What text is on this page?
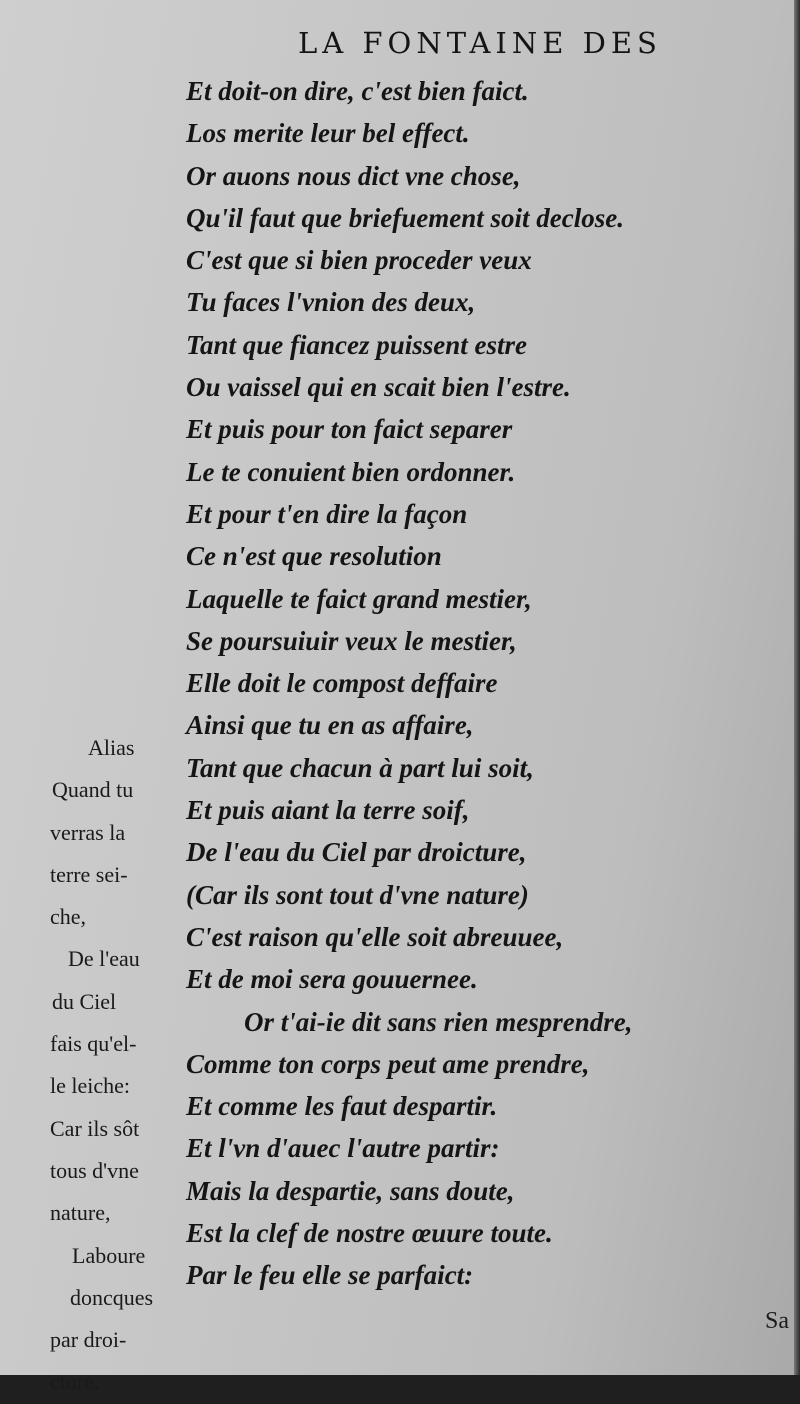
LA FONTAINE DES
Et doit-on dire, c'est bien faict.
Los merite leur bel effect.
Or auons nous dict vne chose,
Qu'il faut que briefuement soit declose.
C'est que si bien proceder veux
Tu faces l'vnion des deux,
Tant que fiancez puissent estre
Ou vaissel qui en scait bien l'estre.
Et puis pour ton faict separer
Le te conuient bien ordonner.
Et pour t'en dire la façon
Ce n'est que resolution
Laquelle te faict grand mestier,
Se poursuiuir veux le mestier,
Elle doit le compost deffaire
Ainsi que tu en as affaire,
Tant que chacun à part lui soit,
Et puis aiant la terre soif,
De l'eau du Ciel par droicture,
(Car ils sont tout d'vne nature)
C'est raison qu'elle soit abreuuee,
Et de moi sera gouuernee.
Or t'ai-ie dit sans rien mesprendre,
Comme ton corps peut ame prendre,
Et comme les faut despartir.
Et l'vn d'auec l'autre partir:
Mais la despartie, sans doute,
Est la clef de nostre œuure toute.
Par le feu elle se parfaict:
Alias
Quand tu
verras la
terre sei-
che,
De l'eau
du Ciel
fais qu'el-
le leiche:
Car ils sôt
tous d'vne
nature,
Laboure
doncques
par droi-
cture.
Sa
